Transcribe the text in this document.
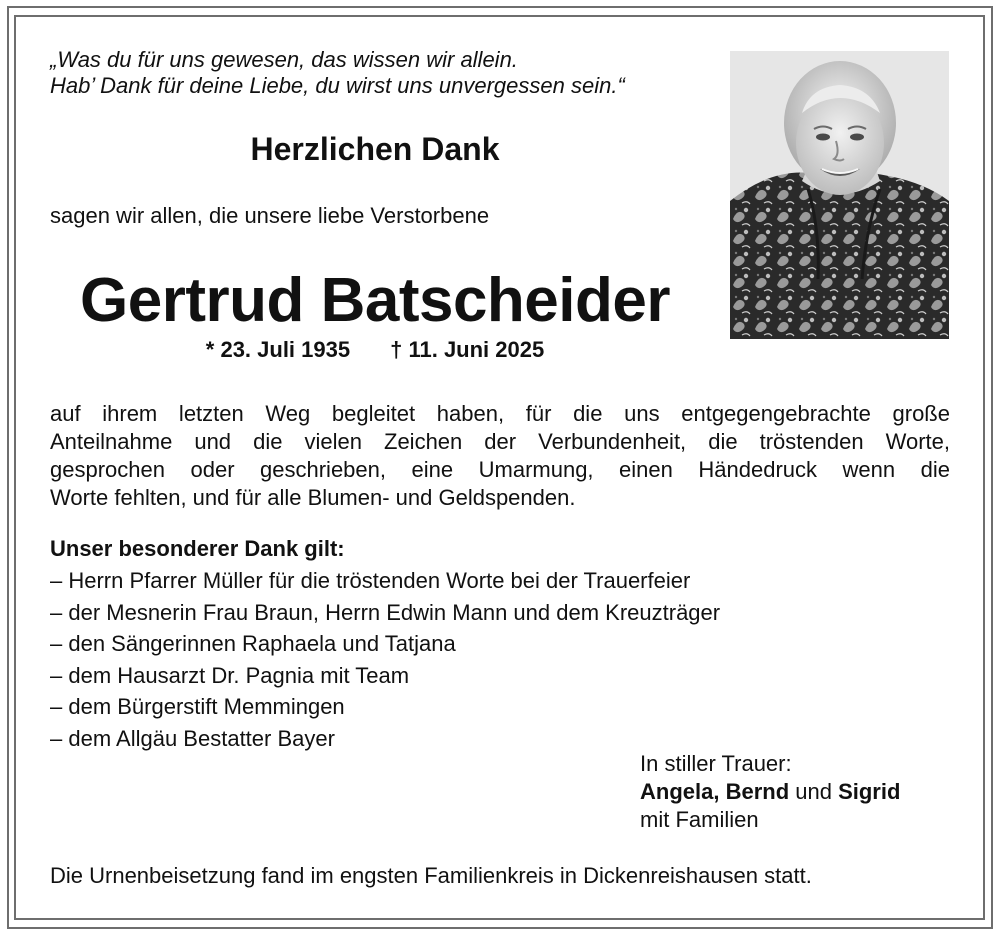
„Was du für uns gewesen, das wissen wir allein.
Hab’ Dank für deine Liebe, du wirst uns unvergessen sein.“
Herzlichen Dank
sagen wir allen, die unsere liebe Verstorbene
Gertrud Batscheider
* 23. Juli 1935 † 11. Juni 2025
auf ihrem letzten Weg begleitet haben, für die uns entgegengebrachte große
Anteilnahme und die vielen Zeichen der Verbundenheit, die tröstenden Worte,
gesprochen oder geschrieben, eine Umarmung, einen Händedruck wenn die
Worte fehlten, und für alle Blumen- und Geldspenden.
Unser besonderer Dank gilt:
– Herrn Pfarrer Müller für die tröstenden Worte bei der Trauerfeier
– der Mesnerin Frau Braun, Herrn Edwin Mann und dem Kreuzträger
– den Sängerinnen Raphaela und Tatjana
– dem Hausarzt Dr. Pagnia mit Team
– dem Bürgerstift Memmingen
– dem Allgäu Bestatter Bayer
In stiller Trauer:
Angela, Bernd und Sigrid
mit Familien
Die Urnenbeisetzung fand im engsten Familienkreis in Dickenreishausen statt.
